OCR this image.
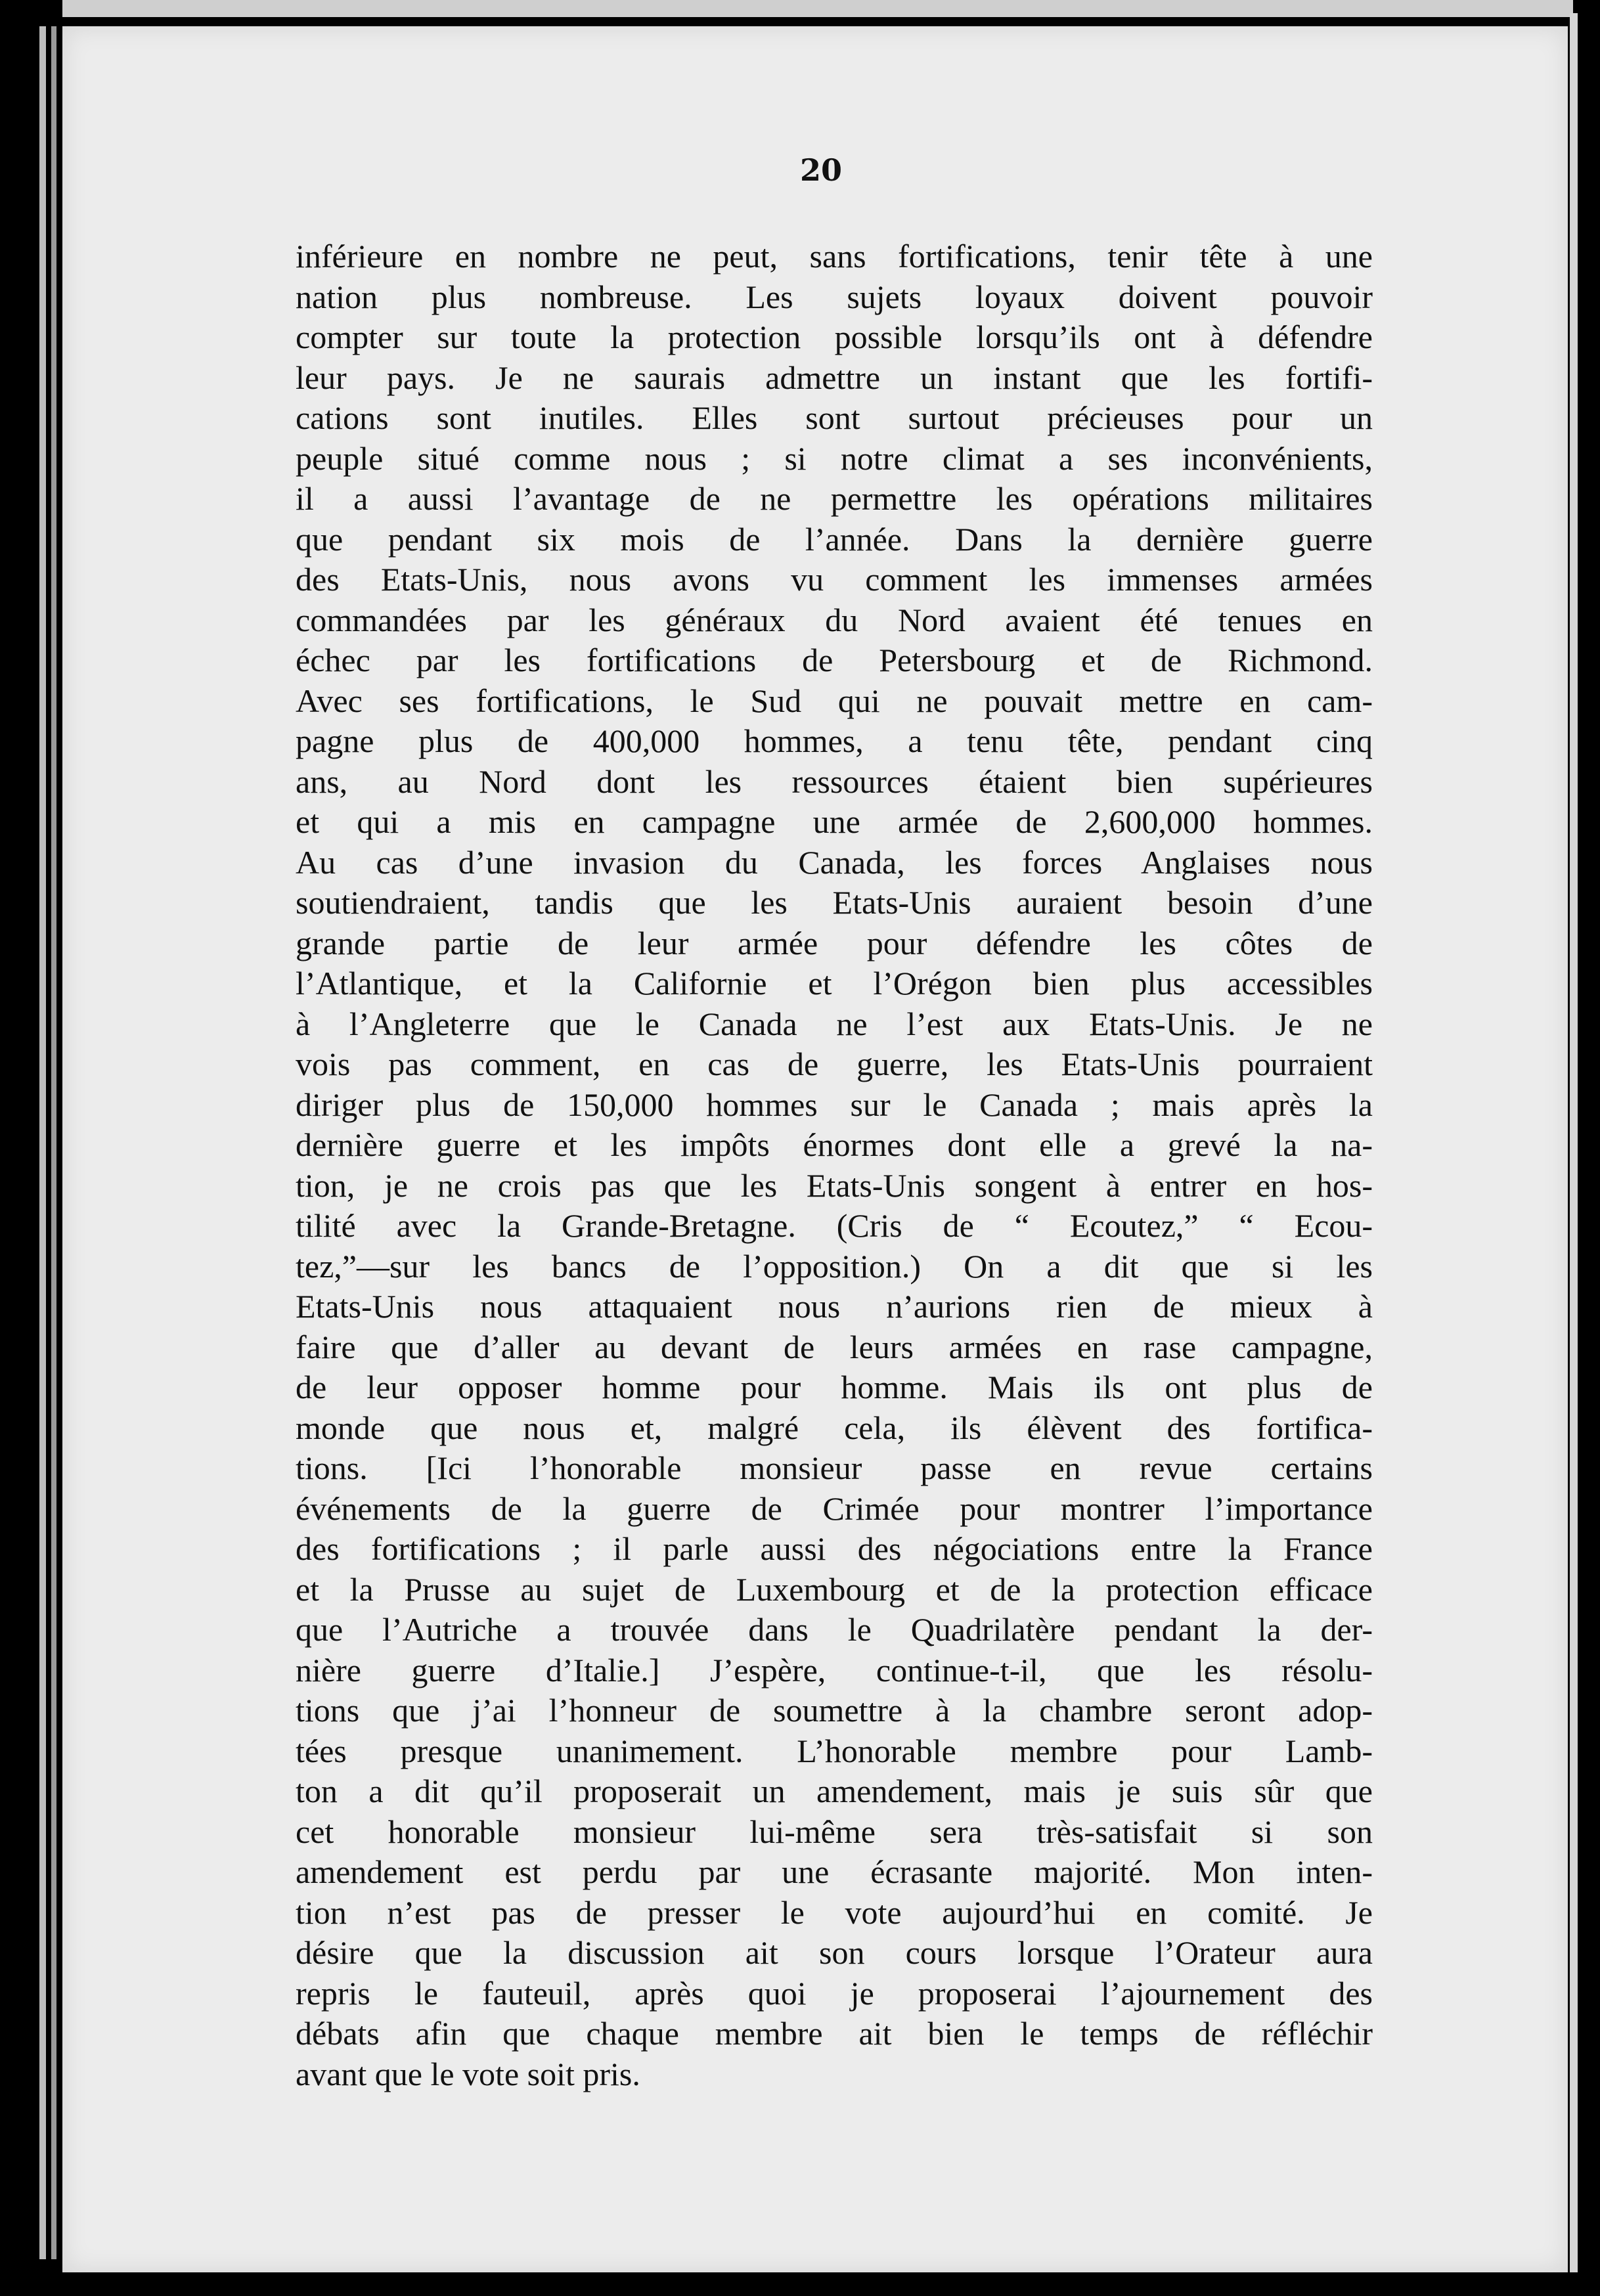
20
inférieure en nombre ne peut, sans fortifications, tenir tête à une
nation plus nombreuse. Les sujets loyaux doivent pouvoir
compter sur toute la protection possible lorsqu’ils ont à défendre
leur pays. Je ne saurais admettre un instant que les fortifi-
cations sont inutiles. Elles sont surtout précieuses pour un
peuple situé comme nous ; si notre climat a ses inconvénients,
il a aussi l’avantage de ne permettre les opérations militaires
que pendant six mois de l’année. Dans la dernière guerre
des Etats-Unis, nous avons vu comment les immenses armées
commandées par les généraux du Nord avaient été tenues en
échec par les fortifications de Petersbourg et de Richmond.
Avec ses fortifications, le Sud qui ne pouvait mettre en cam-
pagne plus de 400,000 hommes, a tenu tête, pendant cinq
ans, au Nord dont les ressources étaient bien supérieures
et qui a mis en campagne une armée de 2,600,000 hommes.
Au cas d’une invasion du Canada, les forces Anglaises nous
soutiendraient, tandis que les Etats-Unis auraient besoin d’une
grande partie de leur armée pour défendre les côtes de
l’Atlantique, et la Californie et l’Orégon bien plus accessibles
à l’Angleterre que le Canada ne l’est aux Etats-Unis. Je ne
vois pas comment, en cas de guerre, les Etats-Unis pourraient
diriger plus de 150,000 hommes sur le Canada ; mais après la
dernière guerre et les impôts énormes dont elle a grevé la na-
tion, je ne crois pas que les Etats-Unis songent à entrer en hos-
tilité avec la Grande-Bretagne. (Cris de “ Ecoutez,” “ Ecou-
tez,”—sur les bancs de l’opposition.) On a dit que si les
Etats-Unis nous attaquaient nous n’aurions rien de mieux à
faire que d’aller au devant de leurs armées en rase campagne,
de leur opposer homme pour homme. Mais ils ont plus de
monde que nous et, malgré cela, ils élèvent des fortifica-
tions. [Ici l’honorable monsieur passe en revue certains
événements de la guerre de Crimée pour montrer l’importance
des fortifications ; il parle aussi des négociations entre la France
et la Prusse au sujet de Luxembourg et de la protection efficace
que l’Autriche a trouvée dans le Quadrilatère pendant la der-
nière guerre d’Italie.] J’espère, continue-t-il, que les résolu-
tions que j’ai l’honneur de soumettre à la chambre seront adop-
tées presque unanimement. L’honorable membre pour Lamb-
ton a dit qu’il proposerait un amendement, mais je suis sûr que
cet honorable monsieur lui-même sera très-satisfait si son
amendement est perdu par une écrasante majorité. Mon inten-
tion n’est pas de presser le vote aujourd’hui en comité. Je
désire que la discussion ait son cours lorsque l’Orateur aura
repris le fauteuil, après quoi je proposerai l’ajournement des
débats afin que chaque membre ait bien le temps de réfléchir
avant que le vote soit pris.
